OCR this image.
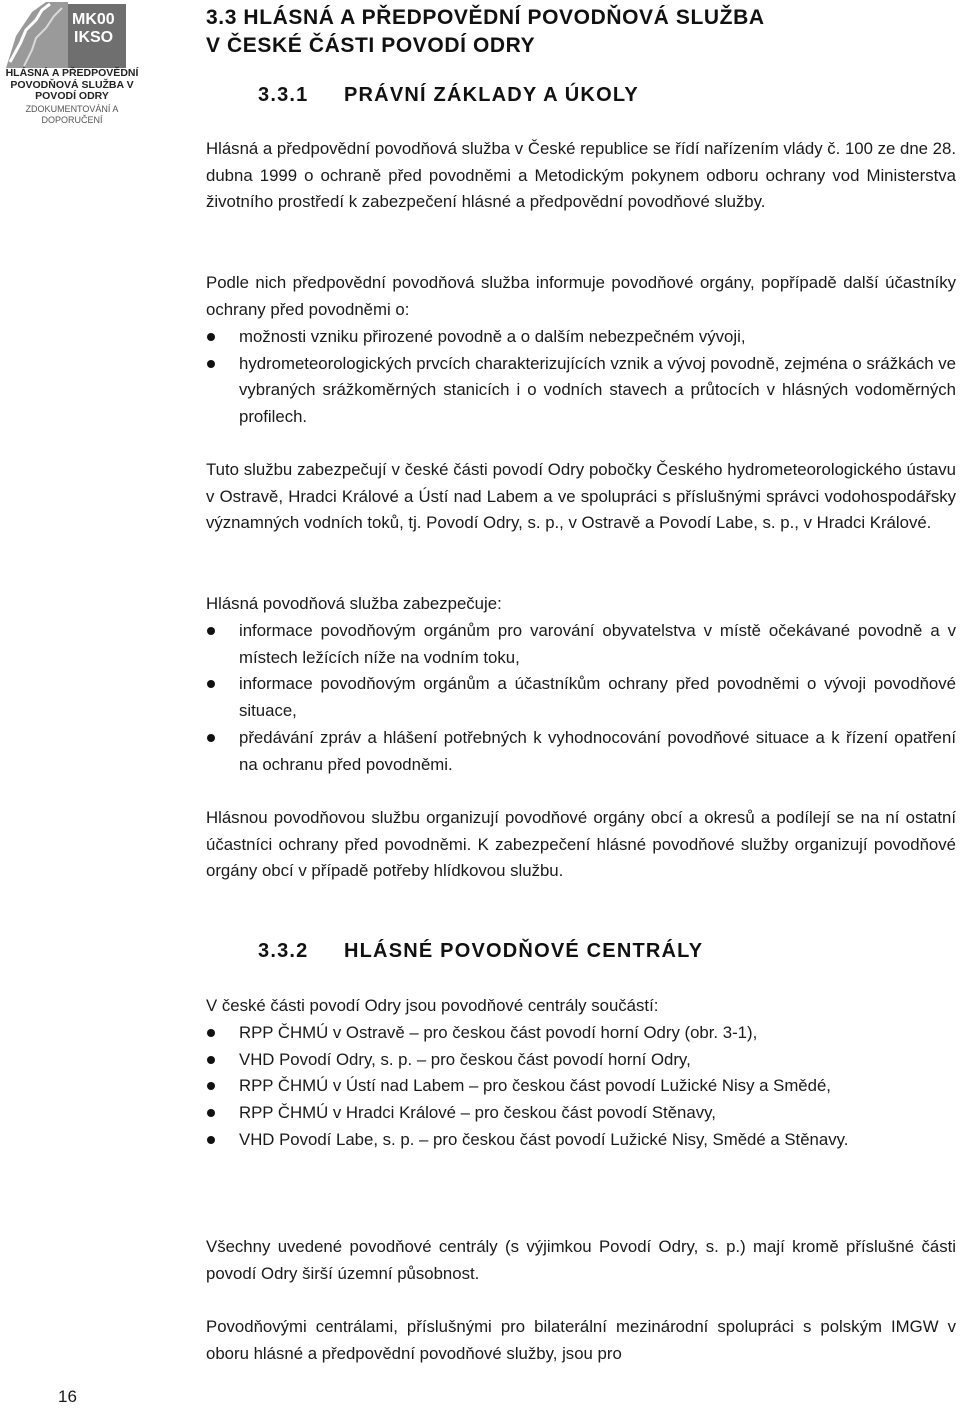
MK00
IKSO
HLÁSNÁ A PŘEDPOVĚDNÍ POVODŇOVÁ SLUŽBA V POVODÍ ODRY
ZDOKUMENTOVÁNÍ A DOPORUČENÍ
3.3 HLÁSNÁ A PŘEDPOVĚDNÍ POVODŇOVÁ SLUŽBA
V ČESKÉ ČÁSTI POVODÍ ODRY
3.3.1 PRÁVNÍ ZÁKLADY A ÚKOLY

Hlásná a předpovědní povodňová služba v České republice se řídí nařízením vlády č. 100 ze dne 28. dubna 1999 o ochraně před povodněmi a Metodickým pokynem odboru ochrany vod Ministerstva životního prostředí k zabezpečení hlásné a předpovědní povodňové služby.

Podle nich předpovědní povodňová služba informuje povodňové orgány, popřípadě další účastníky ochrany před povodněmi o:

možnosti vzniku přirozené povodně a o dalším nebezpečném vývoji,
hydrometeorologických prvcích charakterizujících vznik a vývoj povodně, zejména o srážkách ve vybraných srážkoměrných stanicích i o vodních stavech a průtocích v hlásných vodoměrných profilech.

Tuto službu zabezpečují v české části povodí Odry pobočky Českého hydrometeorologického ústavu v Ostravě, Hradci Králové a Ústí nad Labem a ve spolupráci s příslušnými správci vodohospodářsky významných vodních toků, tj. Povodí Odry, s. p., v Ostravě a Povodí Labe, s. p., v Hradci Králové.

Hlásná povodňová služba zabezpečuje:

informace povodňovým orgánům pro varování obyvatelstva v místě očekávané povodně a v místech ležících níže na vodním toku,
informace povodňovým orgánům a účastníkům ochrany před povodněmi o vývoji povodňové situace,
předávání zpráv a hlášení potřebných k vyhodnocování povodňové situace a k řízení opatření na ochranu před povodněmi.

Hlásnou povodňovou službu organizují povodňové orgány obcí a okresů a podílejí se na ní ostatní účastníci ochrany před povodněmi. K zabezpečení hlásné povodňové služby organizují povodňové orgány obcí v případě potřeby hlídkovou službu.

3.3.2 HLÁSNÉ POVODŇOVÉ CENTRÁLY

V české části povodí Odry jsou povodňové centrály součástí:

RPP ČHMÚ v Ostravě – pro českou část povodí horní Odry (obr. 3-1),
VHD Povodí Odry, s. p. – pro českou část povodí horní Odry,
RPP ČHMÚ v Ústí nad Labem – pro českou část povodí Lužické Nisy a Smědé,
RPP ČHMÚ v Hradci Králové – pro českou část povodí Stěnavy,
VHD Povodí Labe, s. p. – pro českou část povodí Lužické Nisy, Smědé a Stěnavy.

Všechny uvedené povodňové centrály (s výjimkou Povodí Odry, s. p.) mají kromě příslušné části povodí Odry širší územní působnost.

Povodňovými centrálami, příslušnými pro bilaterální mezinárodní spolupráci s polským IMGW v oboru hlásné a předpovědní povodňové služby, jsou pro

16
